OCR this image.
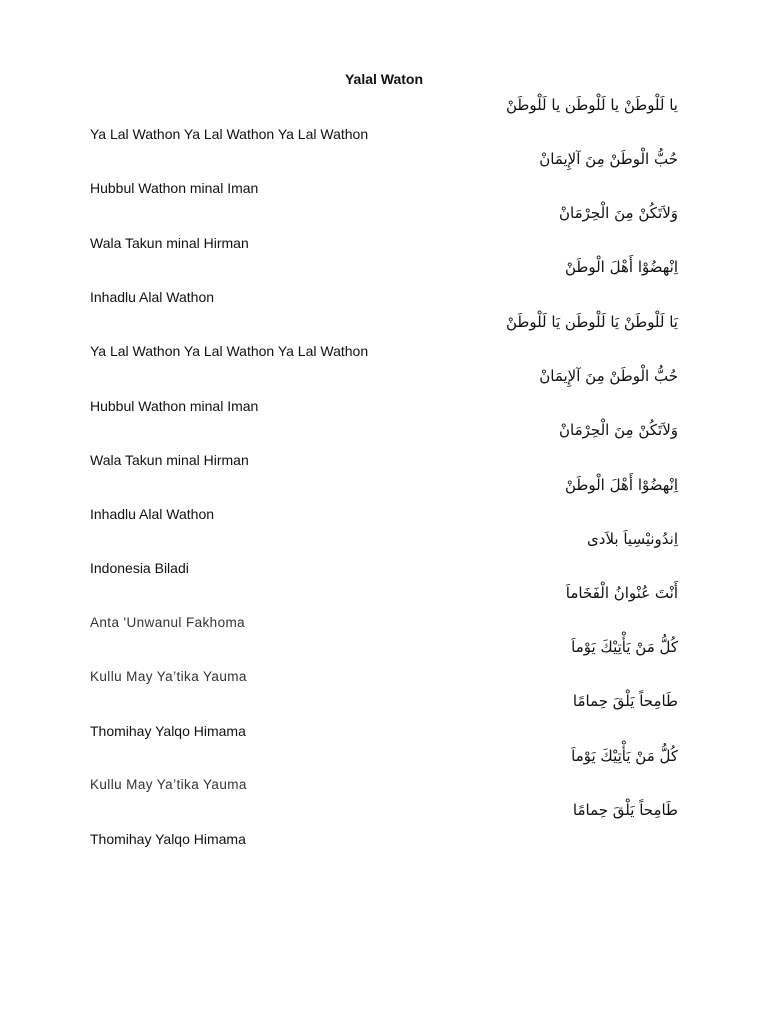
Yalal Waton
يا لَلْوطَنْ يا لَلْوطَن يا لَلْوطَنْ
Ya Lal Wathon Ya Lal Wathon Ya Lal Wathon
حُبُّ الْوطَنْ مِنَ آلإِيمَانْ
Hubbul Wathon minal Iman
وَلاَتَكُنْ مِنَ الْحِرْمَانْ
Wala Takun minal Hirman
اِنْهضُوْا أَهْلَ الْوطَنْ
Inhadlu Alal Wathon
يَا لَلْوطَنْ يَا لَلْوطَن يَا لَلْوطَنْ
Ya Lal Wathon Ya Lal Wathon Ya Lal Wathon
حُبُّ الْوطَنْ مِنَ آلإِيمَانْ
Hubbul Wathon minal Iman
وَلاَتَكُنْ مِنَ الْحِرْمَانْ
Wala Takun minal Hirman
اِنْهضُوْا أَهْلَ الْوطَنْ
Inhadlu Alal Wathon
اِندُونيْسِياَ بلاَدى
Indonesia Biladi
أَنْتَ عُنْوانُ الْفَخَاماَ
Anta 'Unwanul Fakhoma
كُلُّ مَنْ يَأْتِيْكَ يَوْماَ
Kullu May Ya’tika Yauma
طَامِحاً يَلْقَ حِمامًا
Thomihay Yalqo Himama
كُلُّ مَنْ يَأْتِيْكَ يَوْماَ
Kullu May Ya’tika Yauma
طَامِحاً يَلْقَ حِمامًا
Thomihay Yalqo Himama
